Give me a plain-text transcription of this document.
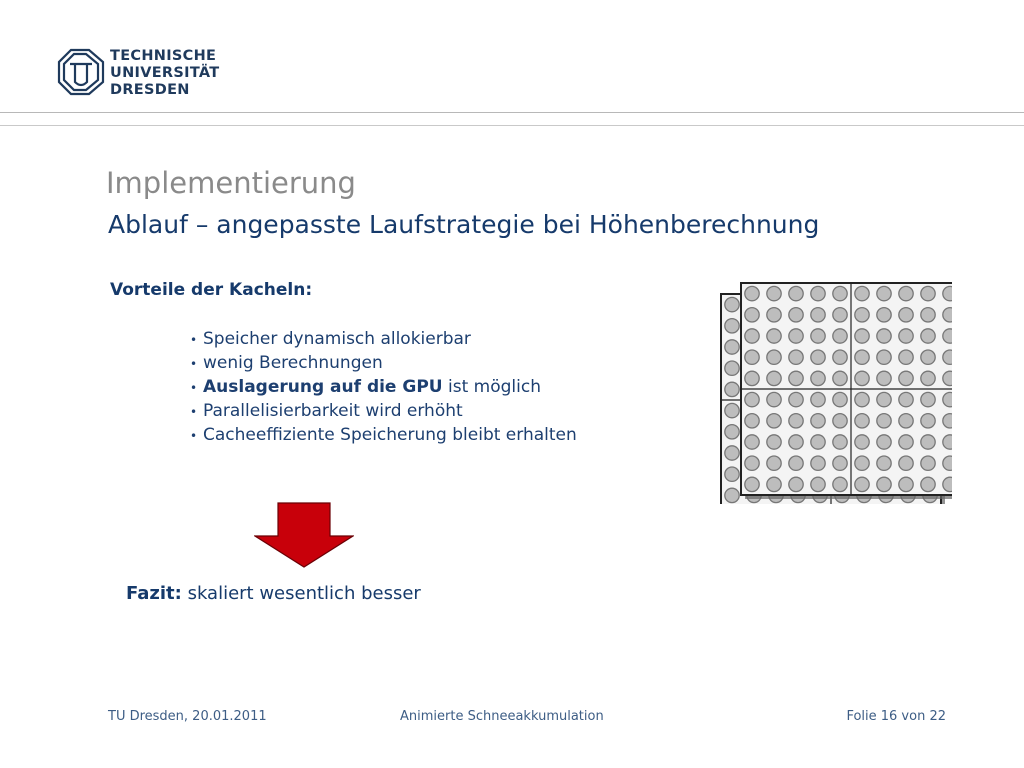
TECHNISCHE
UNIVERSITÄT
DRESDEN
Implementierung
Ablauf – angepasste Laufstrategie bei Höhenberechnung
Vorteile der Kacheln:
• Speicher dynamisch allokierbar
• wenig Berechnungen
• Auslagerung auf die GPU ist möglich
• Parallelisierbarkeit wird erhöht
• Cacheeffiziente Speicherung bleibt erhalten
Fazit: skaliert wesentlich besser
TU Dresden, 20.01.2011	Animierte Schneeakkumulation	Folie 16 von 22
